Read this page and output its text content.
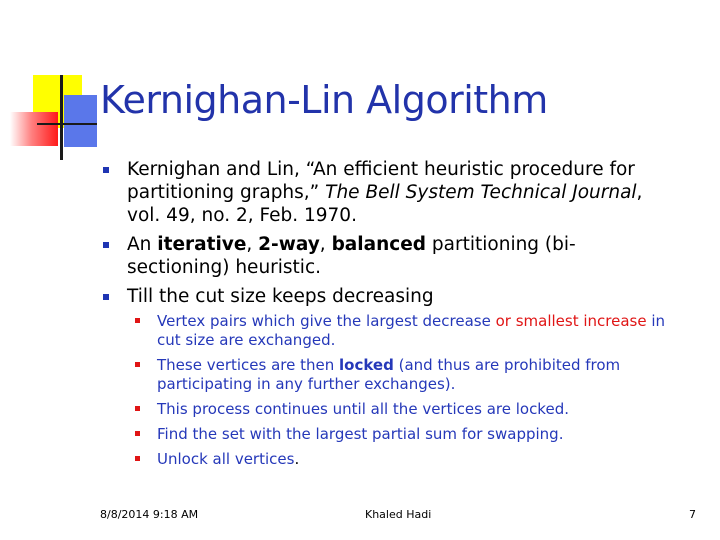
Kernighan-Lin Algorithm
Kernighan and Lin, “An efficient heuristic procedure for partitioning graphs,” The Bell System Technical Journal, vol. 49, no. 2, Feb. 1970.
An iterative, 2-way, balanced partitioning (bi-sectioning) heuristic.
Till the cut size keeps decreasing
Vertex pairs which give the largest decrease or smallest increase in cut size are exchanged.
These vertices are then locked (and thus are prohibited from participating in any further exchanges).
This process continues until all the vertices are locked.
Find the set with the largest partial sum for swapping.
Unlock all vertices.
8/8/2014 9:18 AM	Khaled Hadi	7
